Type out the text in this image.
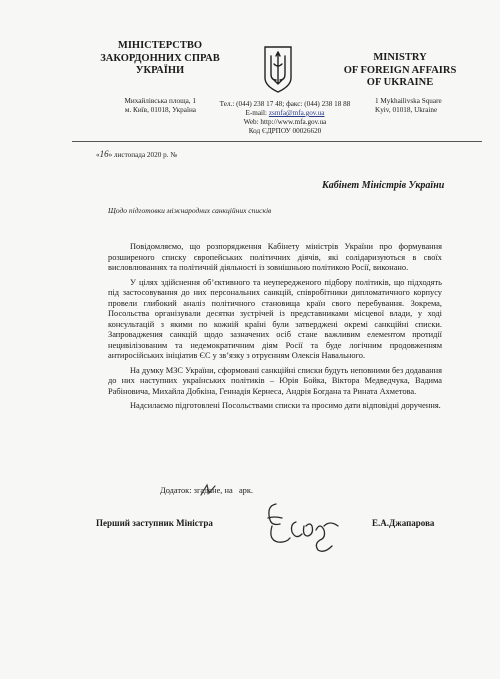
МІНІСТЕРСТВО
ЗАКОРДОННИХ СПРАВ
УКРАЇНИ
MINISTRY
OF FOREIGN AFFAIRS
OF UKRAINE
Михайлівська площа, 1
м. Київ, 01018, Україна
Тел.: (044) 238 17 48; факс: (044) 238 18 88
E-mail: zsmfa@mfa.gov.ua
Web: http://www.mfa.gov.ua
Код ЄДРПОУ 00026620
1 Mykhailivska Square
Kyiv, 01018, Ukraine
«16» листопада 2020 р. №
Кабінет Міністрів України
Щодо підготовки міжнародних санкційних списків

Повідомляємо, що розпорядження Кабінету міністрів України про формування розширеного списку європейських політичних діячів, які солідаризуються в своїх висловлюваннях та політичній діяльності із зовнішньою політикою Росії, виконано.

У цілях здійснення об’єктивного та неупередженого підбору політиків, що підходять під застосовування до них персональних санкцій, співробітники дипломатичного корпусу провели глибокий аналіз політичного становища країн свого перебування. Зокрема, Посольства організували десятки зустрічей із представниками місцевої влади, у ході консультацій з якими по кожній країні були затверджені окремі санкційні списки. Запроваджения санкцій щодо зазначених осіб стане важливим елементом протидії нецивілізованим та недемократичним діям Росії та буде логічним продовженням антиросійських ініціатив ЄС у зв’язку з отруєнням Олексія Навального.

На думку МЗС України, сформовані санкційні списки будуть неповними без додавання до них наступних українських політиків – Юрія Бойка, Віктора Медведчука, Вадима Рабіновича, Михайла Добкіна, Геннадія Кернеса, Андрія Богдана та Рината Ахметова.

Надсилаємо підготовлені Посольствами списки та просимо дати відповідні доручення.

Додаток: згадане, на арк.
Перший заступник Міністра	Е.А.Джапарова
